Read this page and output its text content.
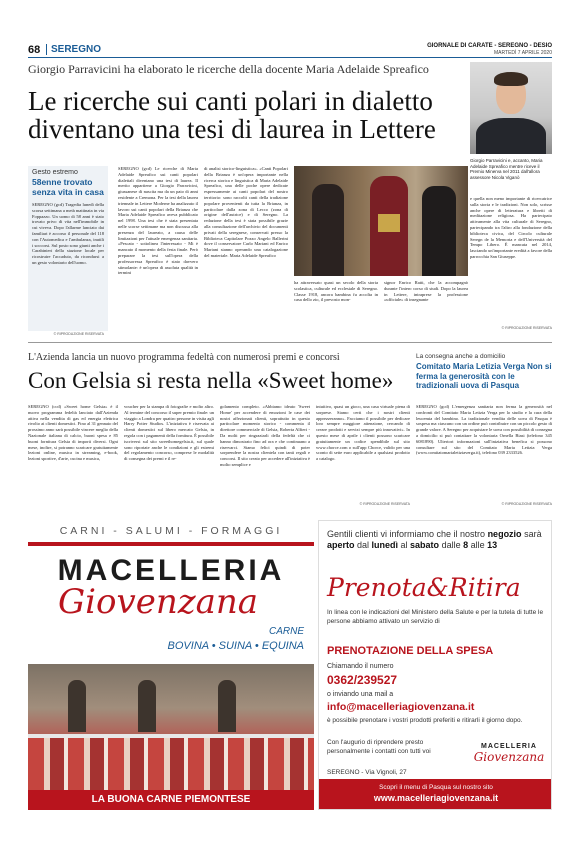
68	SEREGNO	GIORNALE DI CARATE - SEREGNO - DESIO
MARTEDÌ 7 APRILE 2020
Giorgio Parravicini ha elaborato le ricerche della docente Maria Adelaide Spreafico
Le ricerche sui canti polari in dialetto diventano una tesi di laurea in Lettere
Giorgio Parravicini e, accanto, Maria Adelaide Spreafico mentre riceve il Premio Minerva nel 2011 dall'allora assessore Nicola Viganò
Gesto estremo
58enne trovato senza vita in casa
SEREGNO (gcd) Tragedia lunedì della scorsa settimana a metà mattinata in via Foppazzo. Un uomo di 58 anni è stato trovato privo di vita nell'immobile in cui viveva. Dopo l'allarme lanciato dai familiari è accorso il personale del 118 con l'Automedica e l'ambulanza, inutili i soccorsi. Sul posto sono giunti anche i Carabinieri della stazione locale per ricostruire l'accaduto, da ricondursi a un gesto volontario dell'uomo.
© RIPRODUZIONE RISERVATA
SEREGNO (gcd) Le ricerche di Maria Adelaide Spreafico sui canti popolari dialettali diventano una tesi di laurea. Il merito appartiene a Giorgio Parravicini, giussanese di nascita ma da un paio di anni residente a Cremona. Per la tesi della laurea triennale in Lettere Moderne ha analizzato il lavoro sui canti popolari della Brianza che Maria Adelaide Spreafico aveva pubblicato nel 1998. Una tesi che è stata presentata nelle scorse settimane ma non discussa alla presenza del laureato, a causa delle limitazioni per l'attuale emergenza sanitaria. «Pescato - sottolinea l'interessato - Mi è mancato il momento della festa finale. Però preparare la tesi sull'opera della professoressa Spreafico è stato davvero stimolante: è un'opera di assoluta qualità in termini
di analisi storico-linguistica». «Canti Popolari della Brianza è un'opera importante nella ricerca storica e linguistica di Maria Adelaide Spreafico, una delle poche opere dedicate espressamente ai canti popolari del nostro territorio: sono raccolti canti della tradizione popolare provenienti da tutta la Brianza, in particolare dalla zona di Lecco (zona di origine dell'autrice) e di Seregno. La redazione della tesi è stata possibile grazie alla consultazione dell'archivio del documenti privati della seregnese, conservati presso la Biblioteca Capitolare Pozzo Angelo Ballerini dove il conservatore Carlo Mariani ed Enrico Mariani stanno operando una catalogazione del materiale. Maria Adelaide Spreafico
ha attraversato quasi un secolo della storia scolastica, culturale ed ecclesiale di Seregno. Classe 1918, ancora bambina fu accolta in casa dello zio, il prevosto mon-
signor Enrico Ratti, che la accompagnò durante l'intero corso di studi. Dopo la laurea in Lettere, intraprese la professione «ufficiale» di insegnante
e quella non meno importante di ricercatrice sulla storia e le tradizioni. Non solo, scrisse anche opere di letteratura e libretti di meditazione religiosa. Ha partecipato attivamente alla vita culturale di Seregno, partecipando tra l'altro alla fondazione della biblioteca civica, del Circolo culturale Seregn de la Memoria e dell'Università del Tempo Libero. È mancata nel 2014, lasciando un'importante eredità a favore della parrocchia San Giuseppe.
© RIPRODUZIONE RISERVATA
L'Azienda lancia un nuovo programma fedeltà con numerosi premi e concorsi
Con Gelsia si resta nella «Sweet home»
SEREGNO (ccd) «Sweet home Gelsia» è il nuovo programma fedeltà lanciato dall'Azienda attiva nella vendita di gas ed energia elettrica rivolto ai clienti domestici. Fino al 31 gennaio del prossimo anno sarà possibile vincere meglio della Nazionale italiana di calcio, buoni spesa e 85 buoni fornitura Gelsia di importi diversi. Ogni mese, inoltre, si potranno scaricare gratuitamente lezioni online, musica in streaming, e-book, lezioni sportive, d'arte, cucina e musica,
voucher per la stampa di fotografie e molto altro. Al termine del concorso il super premio finale: un viaggio a Londra per quattro persone in visita agli Harry Potter Studios. L'iniziativa è riservata ai clienti domestici sul libero mercato Gelsia, in regola con i pagamenti della fornitura. È possibile iscriversi sul sito sweethomegelsia.it, sul quale sono riportate anche le condizioni e gli estremi del regolamento concorso, comprese le modalità di consegna dei premi e il re-
golamento completo. «Abbiamo ideato 'Sweet Home' per accendere di emozioni le case dei nostri affezionati clienti, soprattutto in questo particolare momento storico - commenta il direttore commerciale di Gelsia, Roberta Alfieri - Da molti per ringraziarli della fedeltà che ci hanno dimostrato fino ad ora e che continuano a riservarci. Siamo felici quindi di poter sorprendere la nostra clientela con tanti regali e concorsi. Il sito creato per accedere all'iniziativa è molto semplice e
intuitivo, quasi un gioco, una casa virtuale piena di sorprese. Siamo certi che i nostri clienti apprezzeranno». Facciamo il possibile per dedicare loro sempre maggiore attenzione, cercando di creare prodotti e servizi sempre più innovativi». In questo mese di aprile i clienti possono scaricare gratuitamente un codice spendibile sul sito www.chorce.com o sull'app Chorce, valido per una sconto di sette euro applicabile a qualsiasi prodotto a catalogo.
© RIPRODUZIONE RISERVATA
La consegna anche a domicilio
Comitato Maria Letizia Verga Non si ferma la generosità con le tradizionali uova di Pasqua
SEREGNO (gcd) L'emergenza sanitaria non ferma la generosità nel confronti del Comitato Maria Letizia Verga per lo studio e la cura della leucemia del bambino. La tradizionale vendita delle uova di Pasqua è sospesa ma ciascuno con un ordine può contribuire con un piccolo gesto di grande valore. A Seregno per acquistare le uova con possibilità di consegna a domicilio si può contattare la volontaria Ornella Biasi (telefono 345 6081890). Ulteriori informazioni sull'iniziativa benefica si possono consultare sul sito del Comitato Maria Letizia Verga (www.comitatomarialetiziaverga.it), telefono 039 2333526.
© RIPRODUZIONE RISERVATA
CARNI - SALUMI - FORMAGGI
MACELLERIA
Giovenzana
CARNE
BOVINA • SUINA • EQUINA
LA BUONA CARNE PIEMONTESE
Gentili clienti vi informiamo che il nostro negozio sarà aperto dal lunedì al sabato dalle 8 alle 13
Prenota&Ritira
In linea con le indicazioni del Ministero della Salute e per la tutela di tutte le persone abbiamo attivato un servizio di
PRENOTAZIONE DELLA SPESA
Chiamando il numero
0362/239527
o inviando una mail a
info@macelleriagiovenzana.it
è possibile prenotare i vostri prodotti preferiti e ritirarli il giorno dopo.
Con l'augurio di riprendere presto personalmente i contatti con tutti voi
MACELLERIA
Giovenzana
SEREGNO - Via Vignoli, 27
Scopri il menu di Pasqua sul nostro sito
www.macelleriagiovenzana.it
